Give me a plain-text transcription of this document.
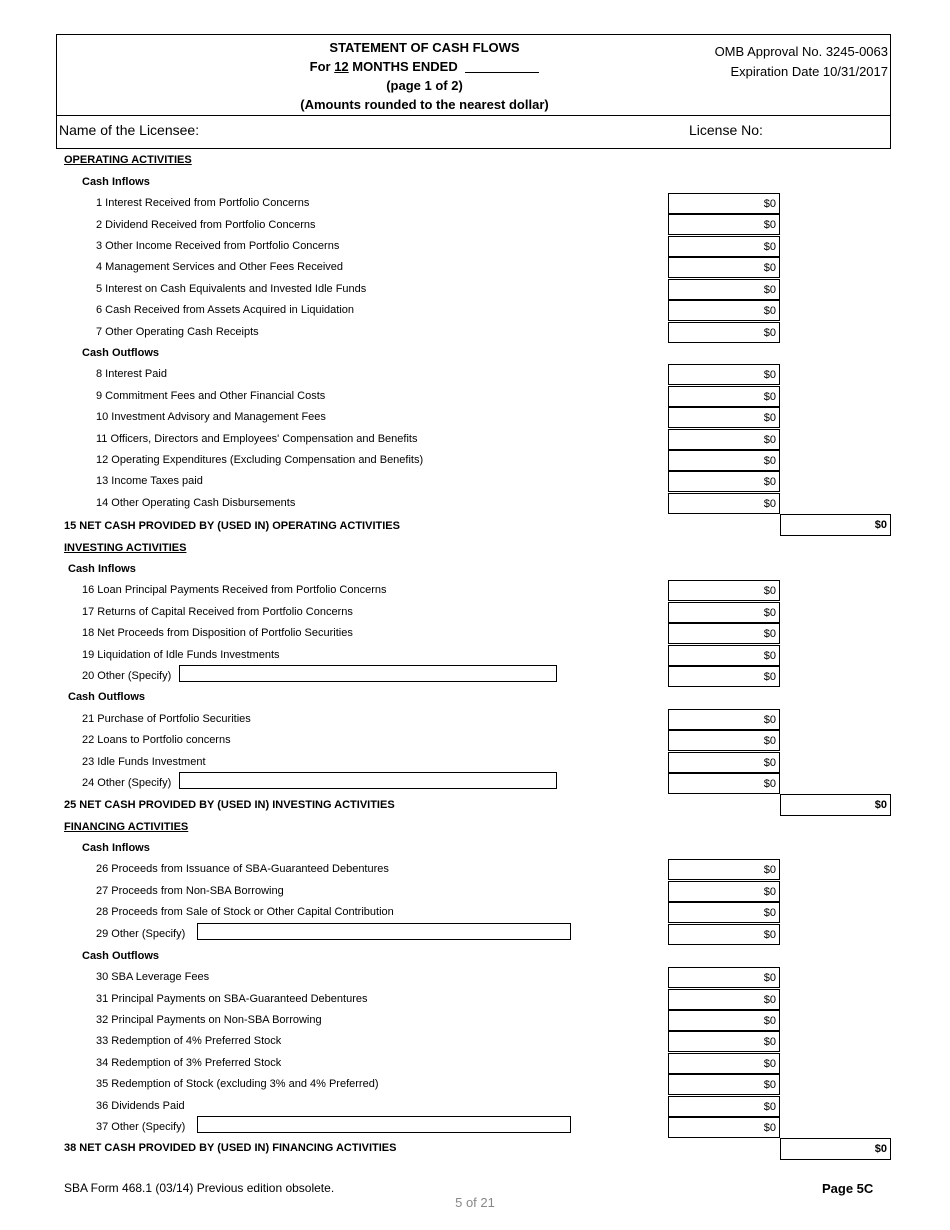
STATEMENT OF CASH FLOWS
For 12 MONTHS ENDED
(page 1 of 2)
(Amounts rounded to the nearest dollar)
OMB Approval No. 3245-0063
Expiration Date 10/31/2017
Name of the Licensee:	License No:
OPERATING ACTIVITIES
Cash Inflows
1 Interest Received from Portfolio Concerns	$0
2 Dividend Received from Portfolio Concerns	$0
3 Other Income Received from Portfolio Concerns	$0
4 Management Services and Other Fees Received	$0
5 Interest on Cash Equivalents and Invested Idle Funds	$0
6 Cash Received from Assets Acquired in Liquidation	$0
7 Other Operating Cash Receipts	$0
Cash Outflows
8 Interest Paid	$0
9 Commitment Fees and Other Financial Costs	$0
10 Investment Advisory and Management Fees	$0
11 Officers, Directors and Employees' Compensation and Benefits	$0
12 Operating Expenditures (Excluding Compensation and Benefits)	$0
13 Income Taxes paid	$0
14 Other Operating Cash Disbursements	$0
15 NET CASH PROVIDED BY (USED IN) OPERATING ACTIVITIES	$0
INVESTING ACTIVITIES
Cash Inflows
16 Loan Principal Payments Received from Portfolio Concerns	$0
17 Returns of Capital Received from Portfolio Concerns	$0
18 Net Proceeds from Disposition of Portfolio Securities	$0
19 Liquidation of Idle Funds Investments	$0
20 Other (Specify)	$0
Cash Outflows
21 Purchase of Portfolio Securities	$0
22 Loans to Portfolio concerns	$0
23 Idle Funds Investment	$0
24 Other (Specify)	$0
25 NET CASH PROVIDED BY (USED IN) INVESTING ACTIVITIES	$0
FINANCING ACTIVITIES
Cash Inflows
26 Proceeds from Issuance of SBA-Guaranteed Debentures	$0
27 Proceeds from Non-SBA Borrowing	$0
28 Proceeds from Sale of Stock or Other Capital Contribution	$0
29 Other (Specify)	$0
Cash Outflows
30 SBA Leverage Fees	$0
31 Principal Payments on SBA-Guaranteed Debentures	$0
32 Principal Payments on Non-SBA Borrowing	$0
33 Redemption of 4% Preferred Stock	$0
34 Redemption of 3% Preferred Stock	$0
35 Redemption of Stock (excluding 3% and 4% Preferred)	$0
36 Dividends Paid	$0
37 Other (Specify)	$0
38 NET CASH PROVIDED BY (USED IN) FINANCING ACTIVITIES	$0
SBA Form 468.1 (03/14) Previous edition obsolete.
5 of 21
Page 5C
